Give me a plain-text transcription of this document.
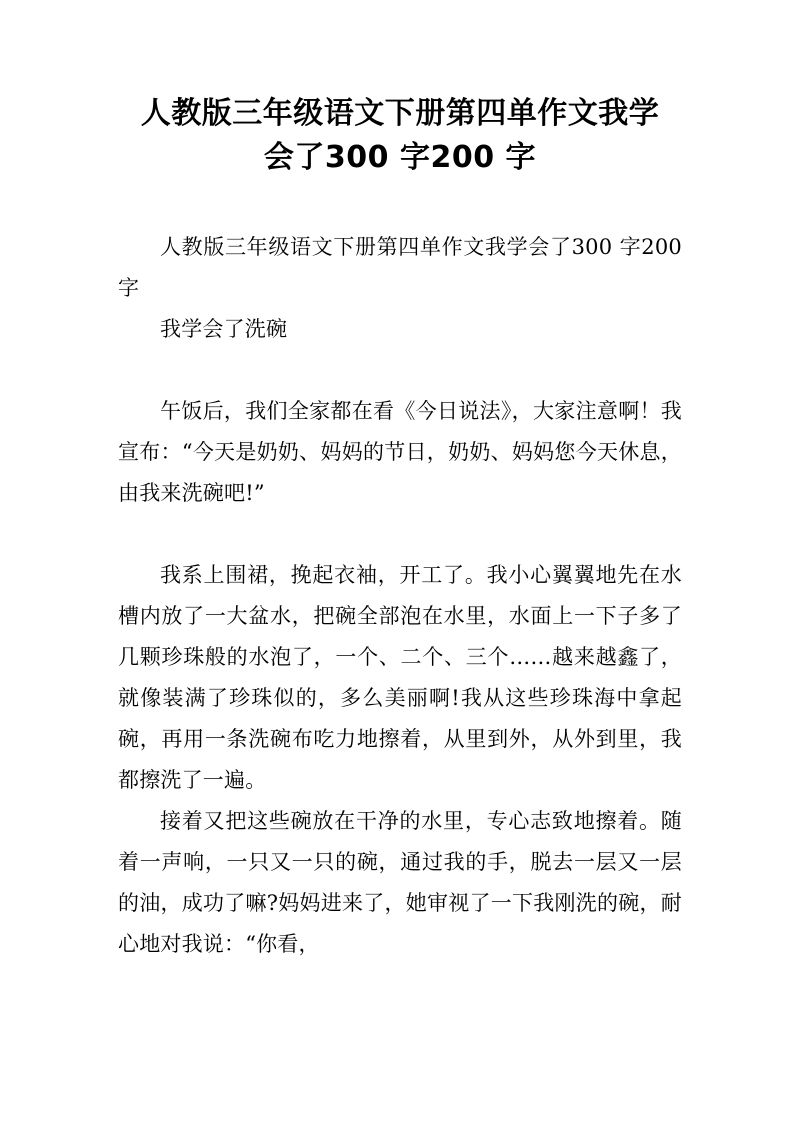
人教版三年级语文下册第四单作文我学会了300 字200 字

人教版三年级语文下册第四单作文我学会了300 字200 字

我学会了洗碗

午饭后，我们全家都在看《今日说法》，大家注意啊！我宣布：“今天是奶奶、妈妈的节日，奶奶、妈妈您今天休息，由我来洗碗吧!”

我系上围裙，挽起衣袖，开工了。我小心翼翼地先在水槽内放了一大盆水，把碗全部泡在水里，水面上一下子多了几颗珍珠般的水泡了，一个、二个、三个……越来越鑫了，就像装满了珍珠似的，多么美丽啊!我从这些珍珠海中拿起碗，再用一条洗碗布吃力地擦着，从里到外，从外到里，我都擦洗了一遍。

接着又把这些碗放在干净的水里，专心志致地擦着。随着一声响，一只又一只的碗，通过我的手，脱去一层又一层的油，成功了嘛?妈妈进来了，她审视了一下我刚洗的碗，耐心地对我说：“你看，
